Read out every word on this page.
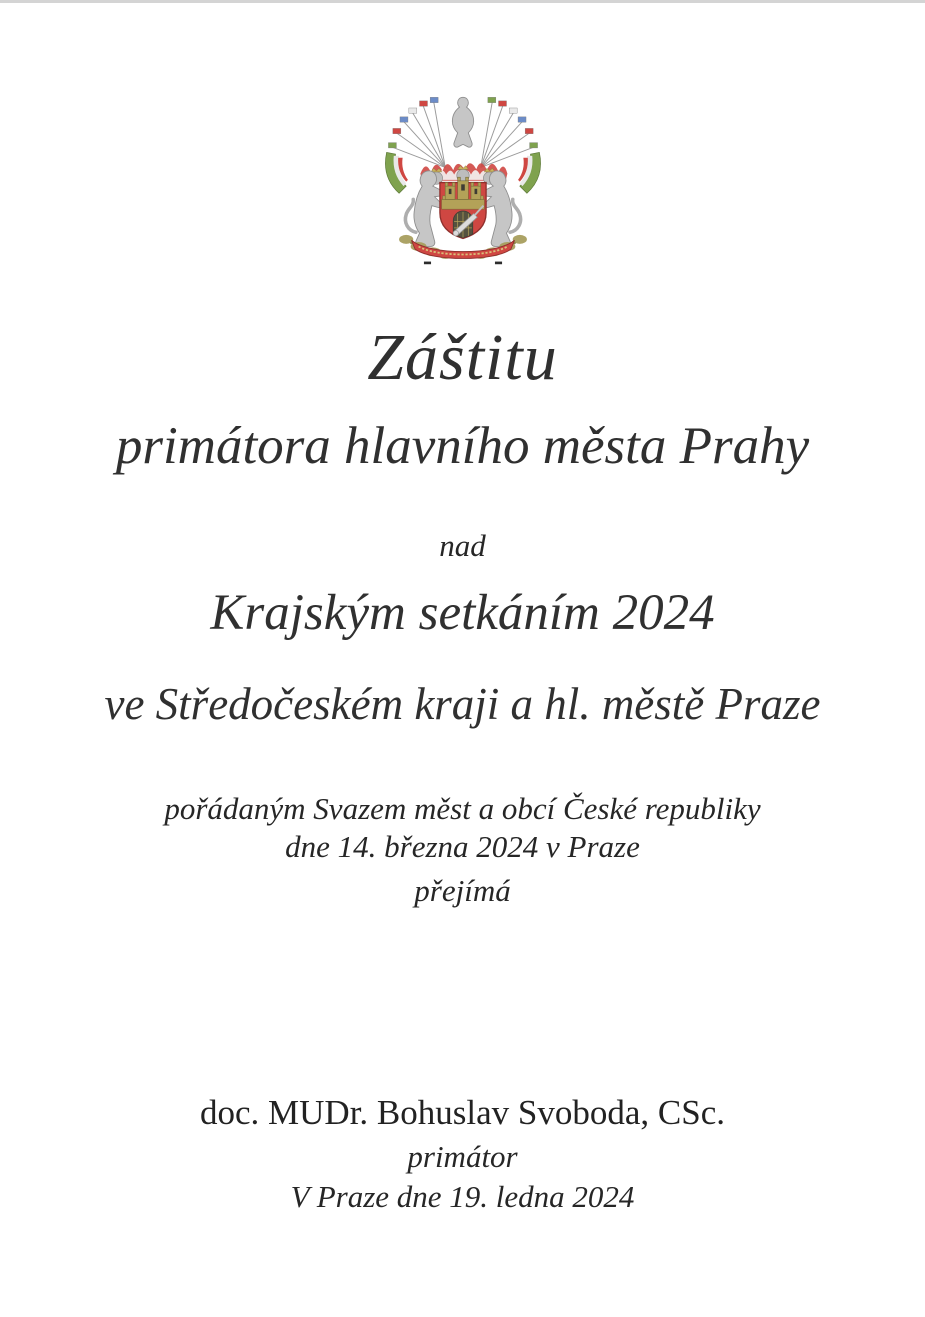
Záštitu
primátora hlavního města Prahy
nad
Krajským setkáním 2024
ve Středočeském kraji a hl. městě Praze
pořádaným Svazem měst a obcí České republiky
dne 14. března 2024 v Praze
přejímá
doc. MUDr. Bohuslav Svoboda, CSc.
primátor
V Praze dne 19. ledna 2024
